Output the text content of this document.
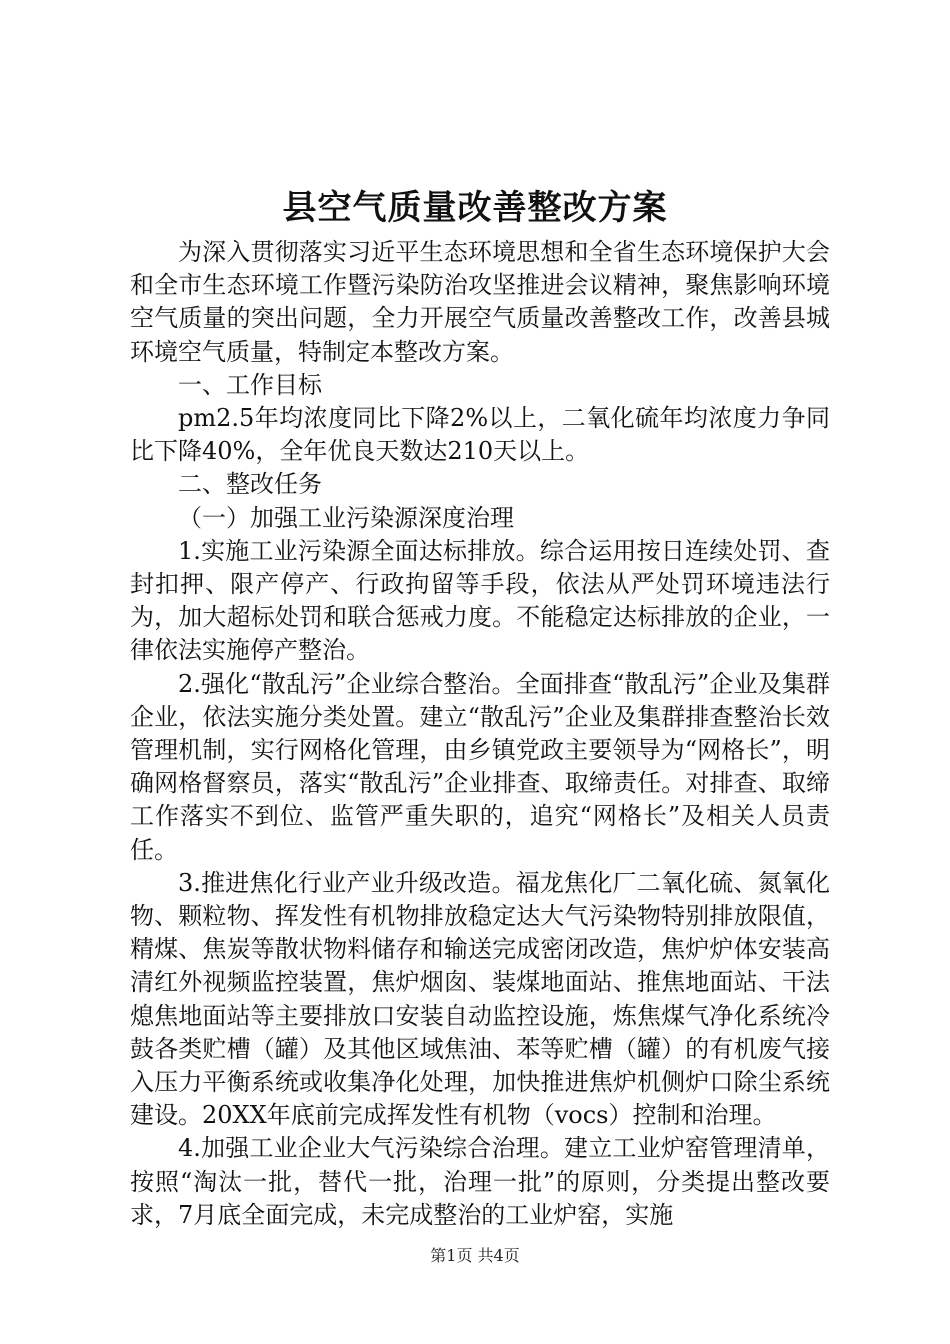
县空气质量改善整改方案

为深入贯彻落实习近平生态环境思想和全省生态环境保护大会和全市生态环境工作暨污染防治攻坚推进会议精神，聚焦影响环境空气质量的突出问题，全力开展空气质量改善整改工作，改善县城环境空气质量，特制定本整改方案。

一、工作目标

pm2.5年均浓度同比下降2%以上，二氧化硫年均浓度力争同比下降40%，全年优良天数达210天以上。

二、整改任务

（一）加强工业污染源深度治理

1.实施工业污染源全面达标排放。综合运用按日连续处罚、查封扣押、限产停产、行政拘留等手段，依法从严处罚环境违法行为，加大超标处罚和联合惩戒力度。不能稳定达标排放的企业，一律依法实施停产整治。

2.强化“散乱污”企业综合整治。全面排查“散乱污”企业及集群企业，依法实施分类处置。建立“散乱污”企业及集群排查整治长效管理机制，实行网格化管理，由乡镇党政主要领导为“网格长”，明确网格督察员，落实“散乱污”企业排查、取缔责任。对排查、取缔工作落实不到位、监管严重失职的，追究“网格长”及相关人员责任。

3.推进焦化行业产业升级改造。福龙焦化厂二氧化硫、氮氧化物、颗粒物、挥发性有机物排放稳定达大气污染物特别排放限值，精煤、焦炭等散状物料储存和输送完成密闭改造，焦炉炉体安装高清红外视频监控装置，焦炉烟囱、装煤地面站、推焦地面站、干法熄焦地面站等主要排放口安装自动监控设施，炼焦煤气净化系统冷鼓各类贮槽（罐）及其他区域焦油、苯等贮槽（罐）的有机废气接入压力平衡系统或收集净化处理，加快推进焦炉机侧炉口除尘系统建设。20XX年底前完成挥发性有机物（vocs）控制和治理。

4.加强工业企业大气污染综合治理。建立工业炉窑管理清单，按照“淘汰一批，替代一批，治理一批”的原则，分类提出整改要求，7月底全面完成，未完成整治的工业炉窑，实施

第1页 共4页
